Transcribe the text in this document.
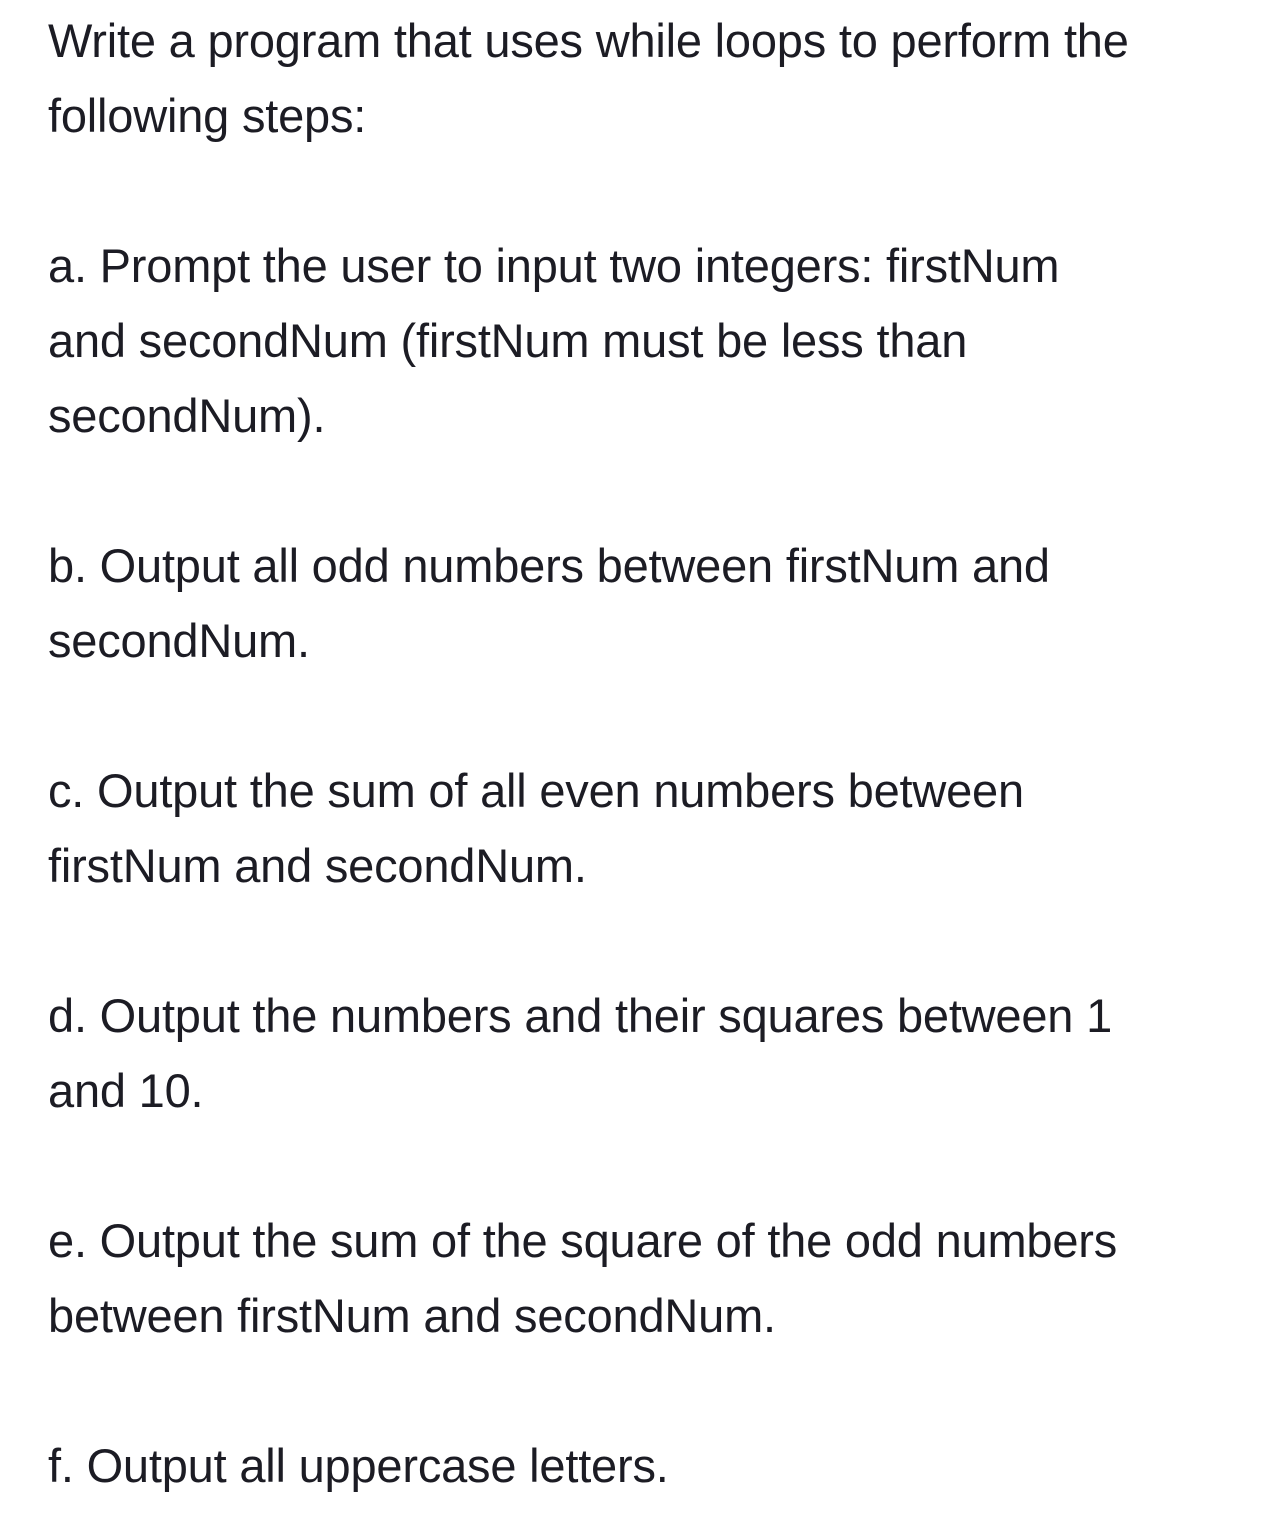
Write a program that uses while loops to perform the
following steps:

a. Prompt the user to input two integers: firstNum
and secondNum (firstNum must be less than
secondNum).

b. Output all odd numbers between firstNum and
secondNum.

c. Output the sum of all even numbers between
firstNum and secondNum.

d. Output the numbers and their squares between 1
and 10.

e. Output the sum of the square of the odd numbers
between firstNum and secondNum.

f. Output all uppercase letters.
